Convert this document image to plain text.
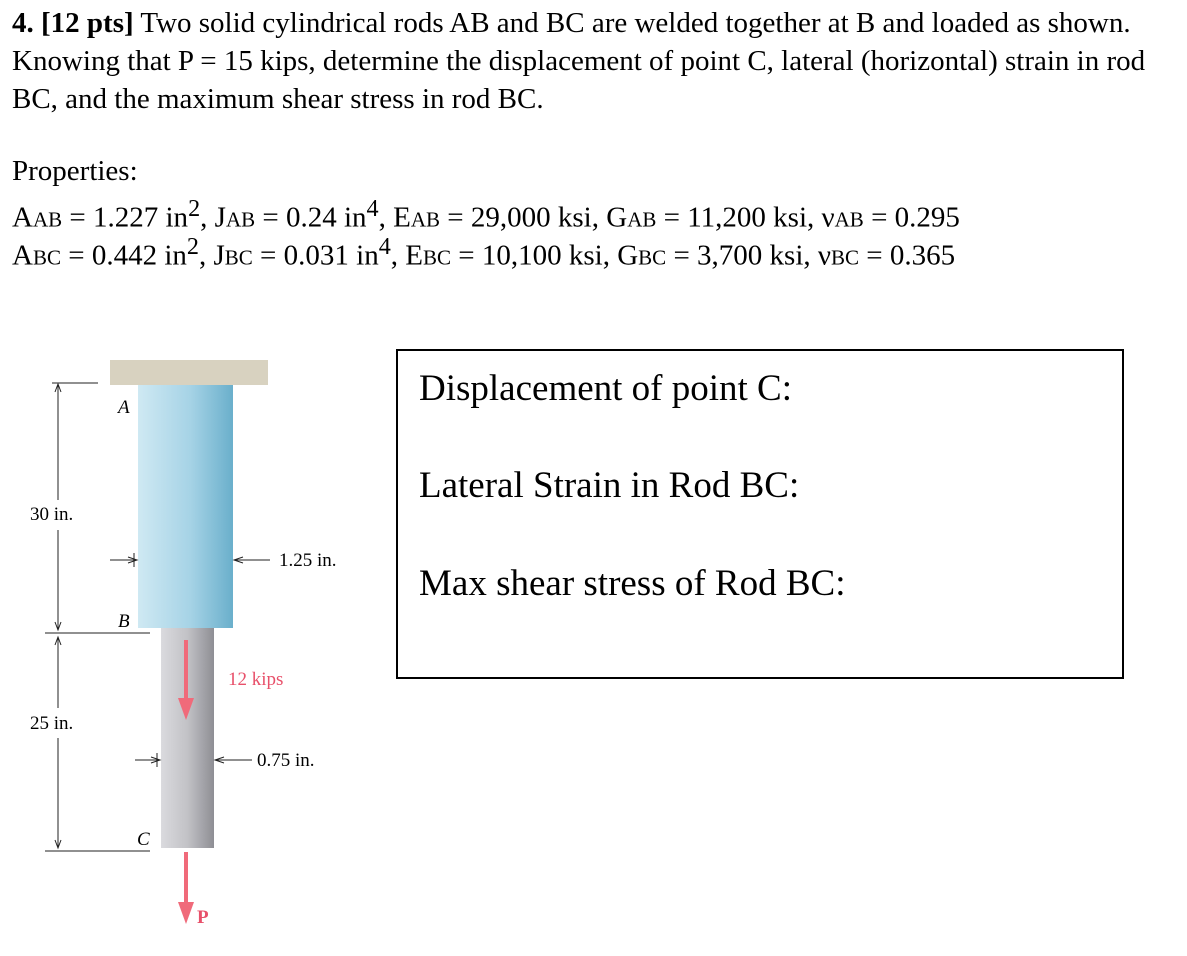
4. [12 pts] Two solid cylindrical rods AB and BC are welded together at B and loaded as shown. Knowing that P = 15 kips, determine the displacement of point C, lateral (horizontal) strain in rod BC, and the maximum shear stress in rod BC.

Properties:

AAB = 1.227 $in^2$, JAB = 0.24 $in^4$, EAB = 29,000 ksi, GAB = 11,200 ksi, νAB = 0.295

ABC = 0.442 $in^2$, JBC = 0.031 $in^4$, EBC = 10,100 ksi, GBC = 3,700 ksi, νBC = 0.365

A
B
C
30 in.
25 in.
1.25 in.
0.75 in.
12 kips
P

Displacement of point C:

Lateral Strain in Rod BC:

Max shear stress of Rod BC:
